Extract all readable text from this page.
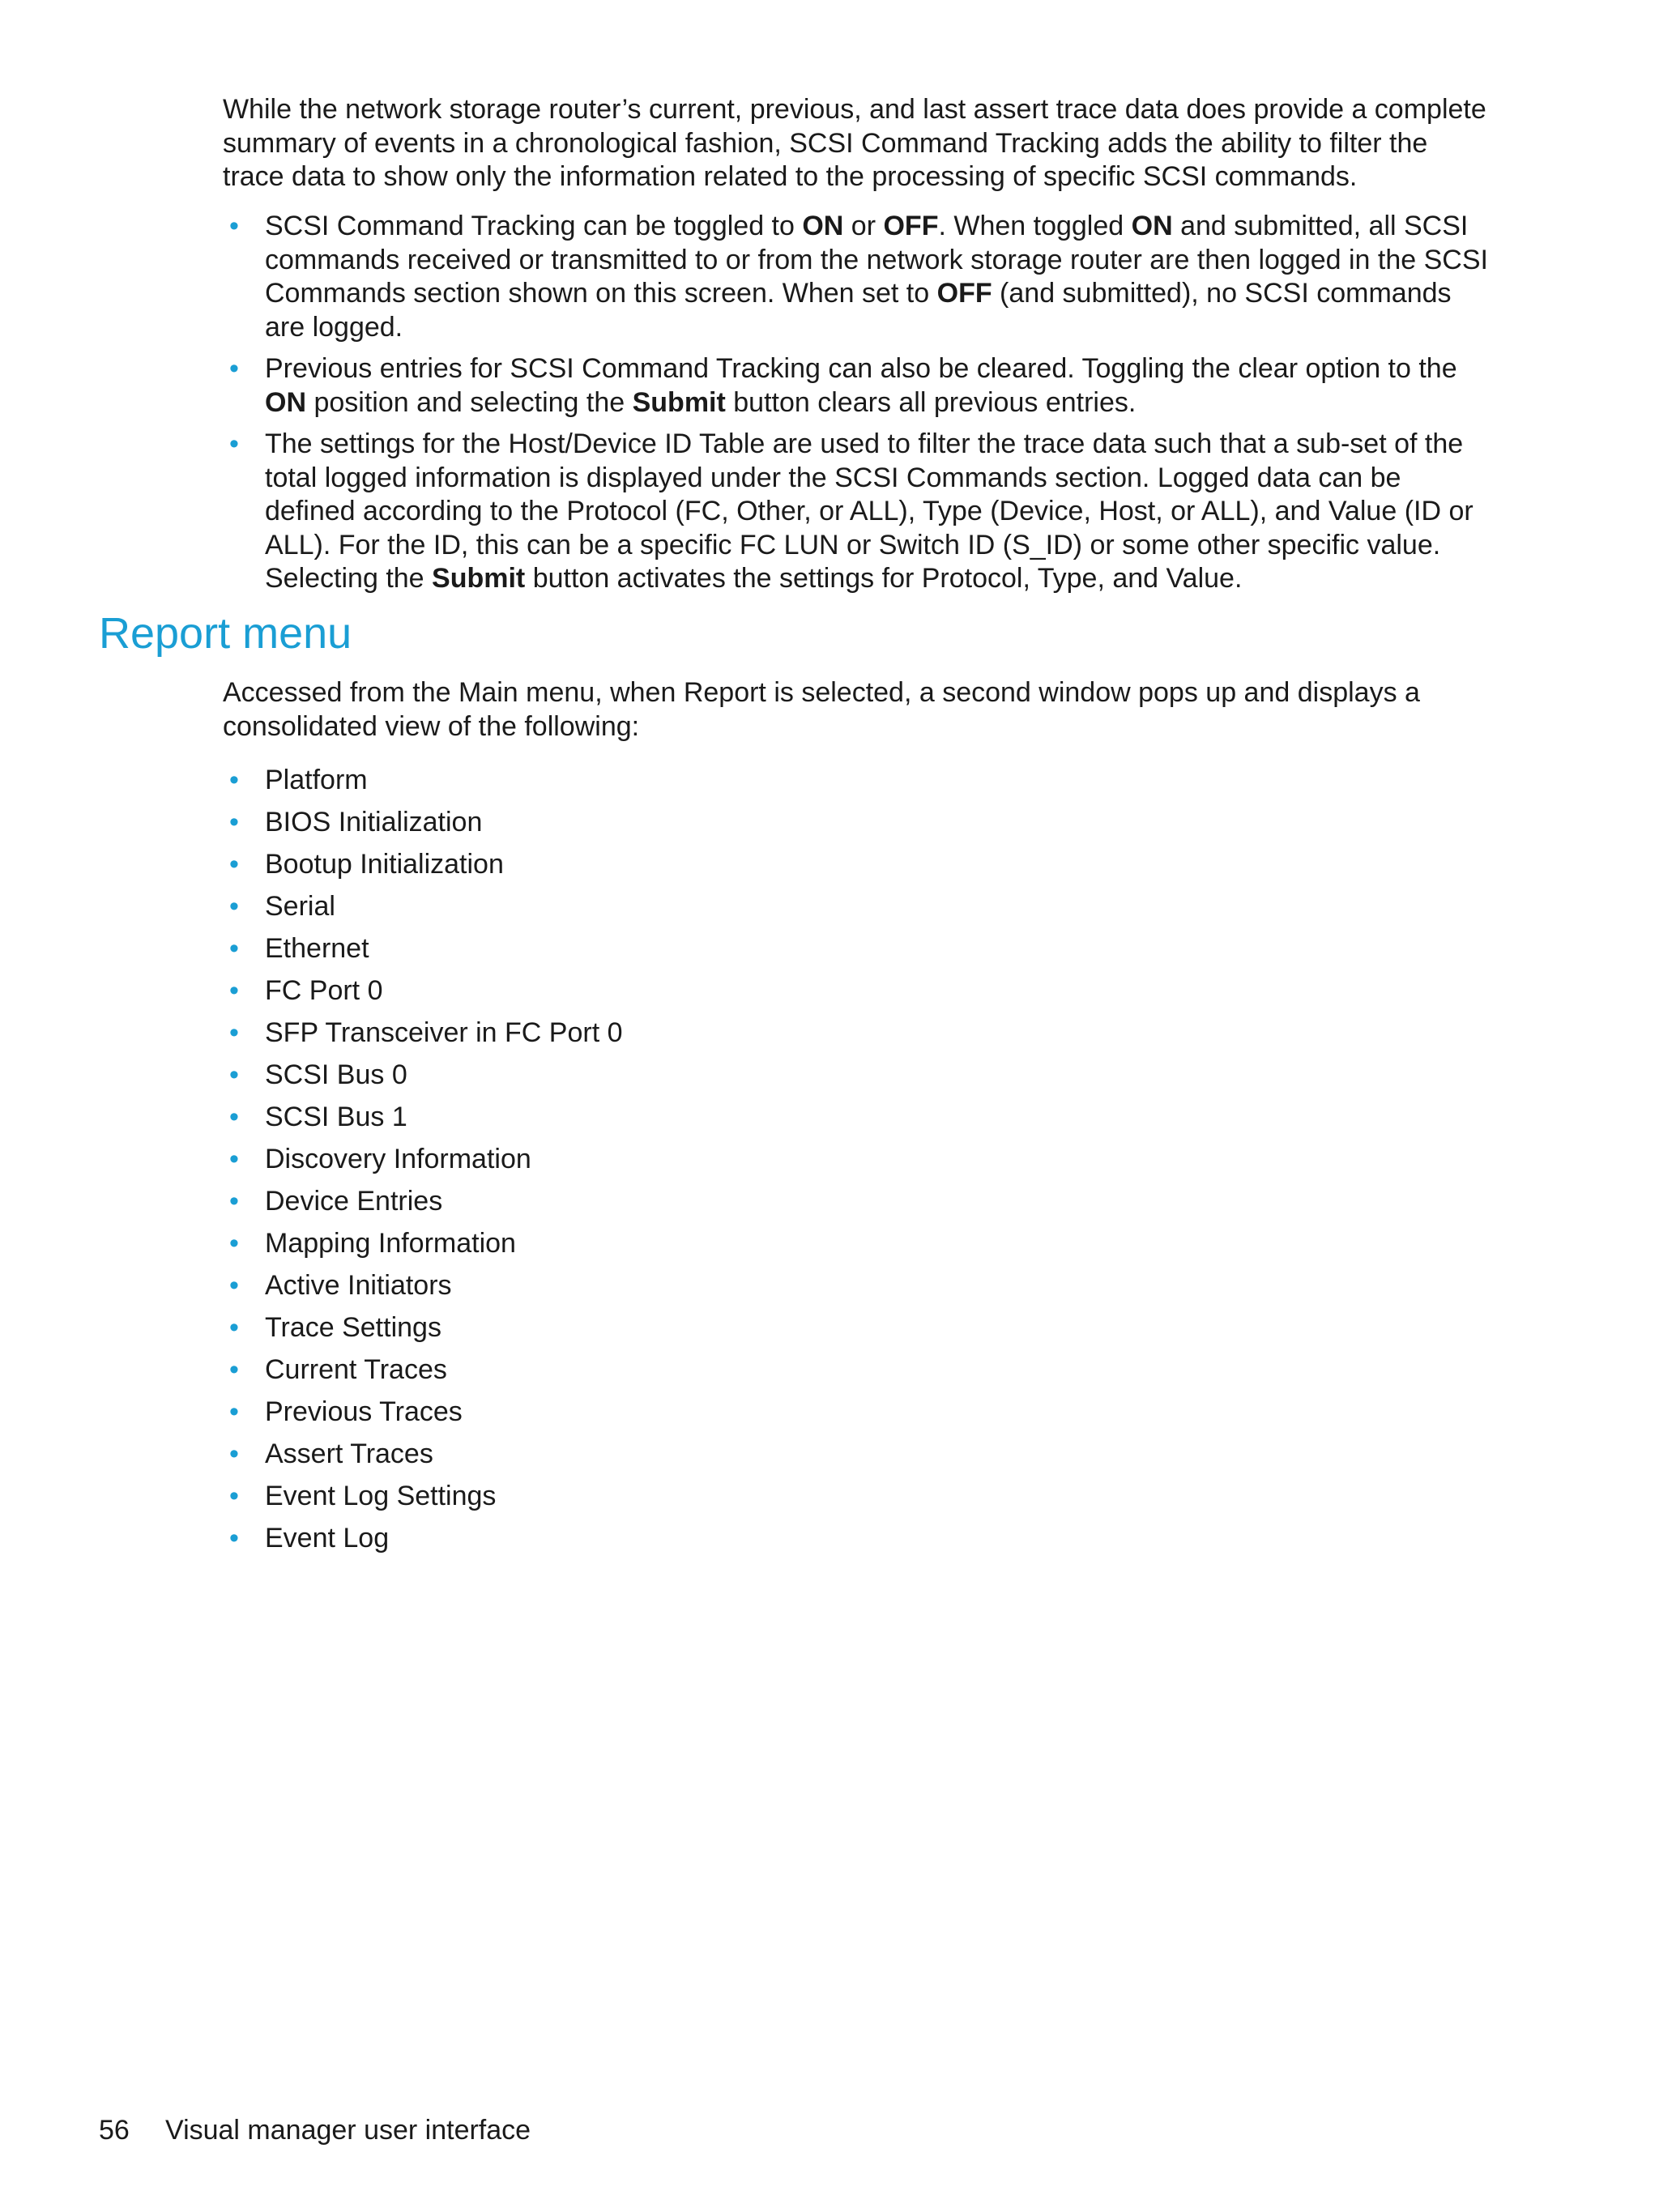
While the network storage router’s current, previous, and last assert trace data does provide a complete summary of events in a chronological fashion, SCSI Command Tracking adds the ability to filter the trace data to show only the information related to the processing of specific SCSI commands.

• SCSI Command Tracking can be toggled to ON or OFF. When toggled ON and submitted, all SCSI commands received or transmitted to or from the network storage router are then logged in the SCSI Commands section shown on this screen. When set to OFF (and submitted), no SCSI commands are logged.
• Previous entries for SCSI Command Tracking can also be cleared. Toggling the clear option to the ON position and selecting the Submit button clears all previous entries.
• The settings for the Host/Device ID Table are used to filter the trace data such that a sub-set of the total logged information is displayed under the SCSI Commands section. Logged data can be defined according to the Protocol (FC, Other, or ALL), Type (Device, Host, or ALL), and Value (ID or ALL). For the ID, this can be a specific FC LUN or Switch ID (S_ID) or some other specific value. Selecting the Submit button activates the settings for Protocol, Type, and Value.
Report menu

Accessed from the Main menu, when Report is selected, a second window pops up and displays a consolidated view of the following:

• Platform
• BIOS Initialization
• Bootup Initialization
• Serial
• Ethernet
• FC Port 0
• SFP Transceiver in FC Port 0
• SCSI Bus 0
• SCSI Bus 1
• Discovery Information
• Device Entries
• Mapping Information
• Active Initiators
• Trace Settings
• Current Traces
• Previous Traces
• Assert Traces
• Event Log Settings
• Event Log
56 Visual manager user interface
